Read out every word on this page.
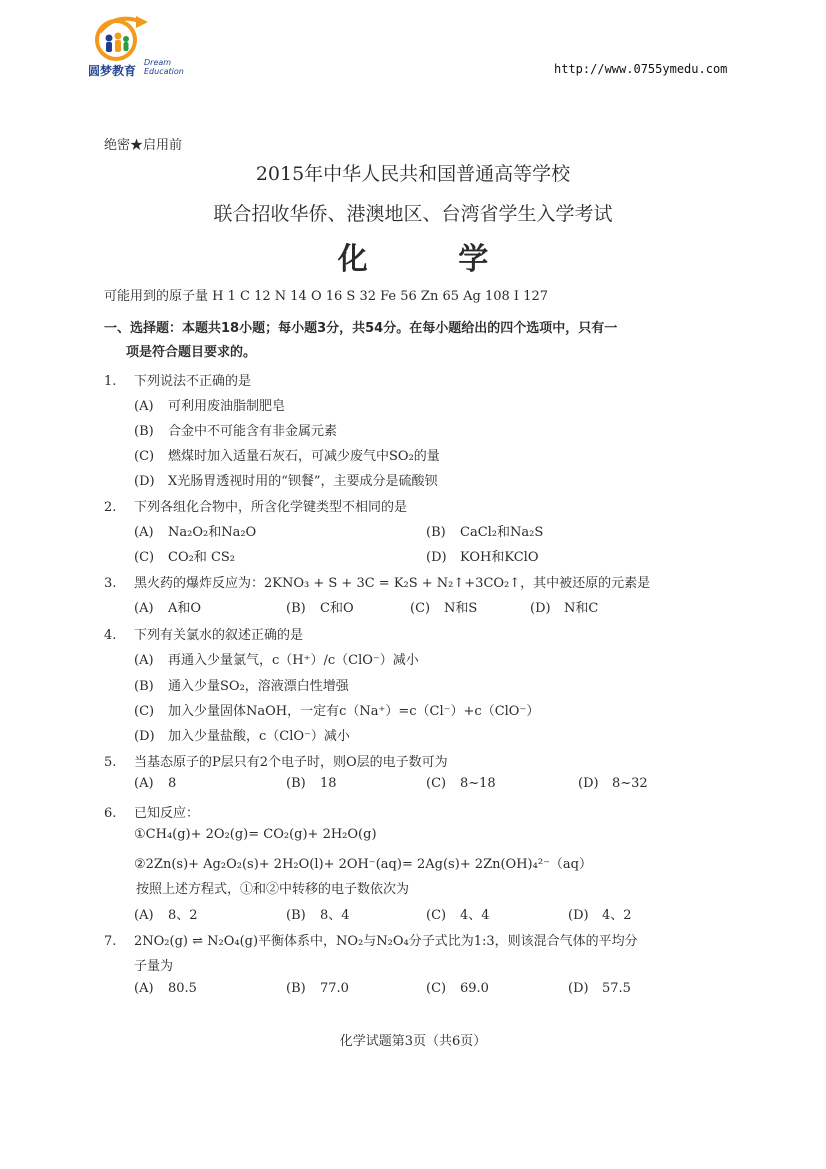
圆梦教育
Dream Education	http://www.0755ymedu.com
绝密★启用前
2015年中华人民共和国普通高等学校
联合招收华侨、港澳地区、台湾省学生入学考试
化 学
可能用到的原子量 H 1 C 12 N 14 O 16 S 32 Fe 56 Zn 65 Ag 108 I 127
一、选择题：本题共18小题；每小题3分，共54分。在每小题给出的四个选项中，只有一
项是符合题目要求的。
1. 下列说法不正确的是
(A) 可利用废油脂制肥皂
(B) 合金中不可能含有非金属元素
(C) 燃煤时加入适量石灰石，可减少废气中SO₂的量
(D) X光肠胃透视时用的“钡餐”，主要成分是硫酸钡
2. 下列各组化合物中，所含化学键类型不相同的是
(A) Na₂O₂和Na₂O	(B) CaCl₂和Na₂S
(C) CO₂和 CS₂	(D) KOH和KClO
3. 黑火药的爆炸反应为：2KNO₃ + S + 3C = K₂S + N₂↑+3CO₂↑，其中被还原的元素是
(A) A和O	(B) C和O	(C) N和S	(D) N和C
4. 下列有关氯水的叙述正确的是
(A) 再通入少量氯气，c（H⁺）/c（ClO⁻）减小
(B) 通入少量SO₂，溶液漂白性增强
(C) 加入少量固体NaOH，一定有c（Na⁺）=c（Cl⁻）+c（ClO⁻）
(D) 加入少量盐酸，c（ClO⁻）减小
5. 当基态原子的P层只有2个电子时，则O层的电子数可为
(A) 8	(B) 18	(C) 8~18	(D) 8~32
6. 已知反应：
①CH₄(g)+ 2O₂(g)= CO₂(g)+ 2H₂O(g)
②2Zn(s)+ Ag₂O₂(s)+ 2H₂O(l)+ 2OH⁻(aq)= 2Ag(s)+ 2Zn(OH)₄²⁻（aq）
按照上述方程式，①和②中转移的电子数依次为
(A) 8、2	(B) 8、4	(C) 4、4	(D) 4、2
7. 2NO₂(g) ⇌ N₂O₄(g)平衡体系中，NO₂与N₂O₄分子式比为1:3，则该混合气体的平均分
子量为
(A) 80.5	(B) 77.0	(C) 69.0	(D) 57.5
化学试题第3页（共6页）
